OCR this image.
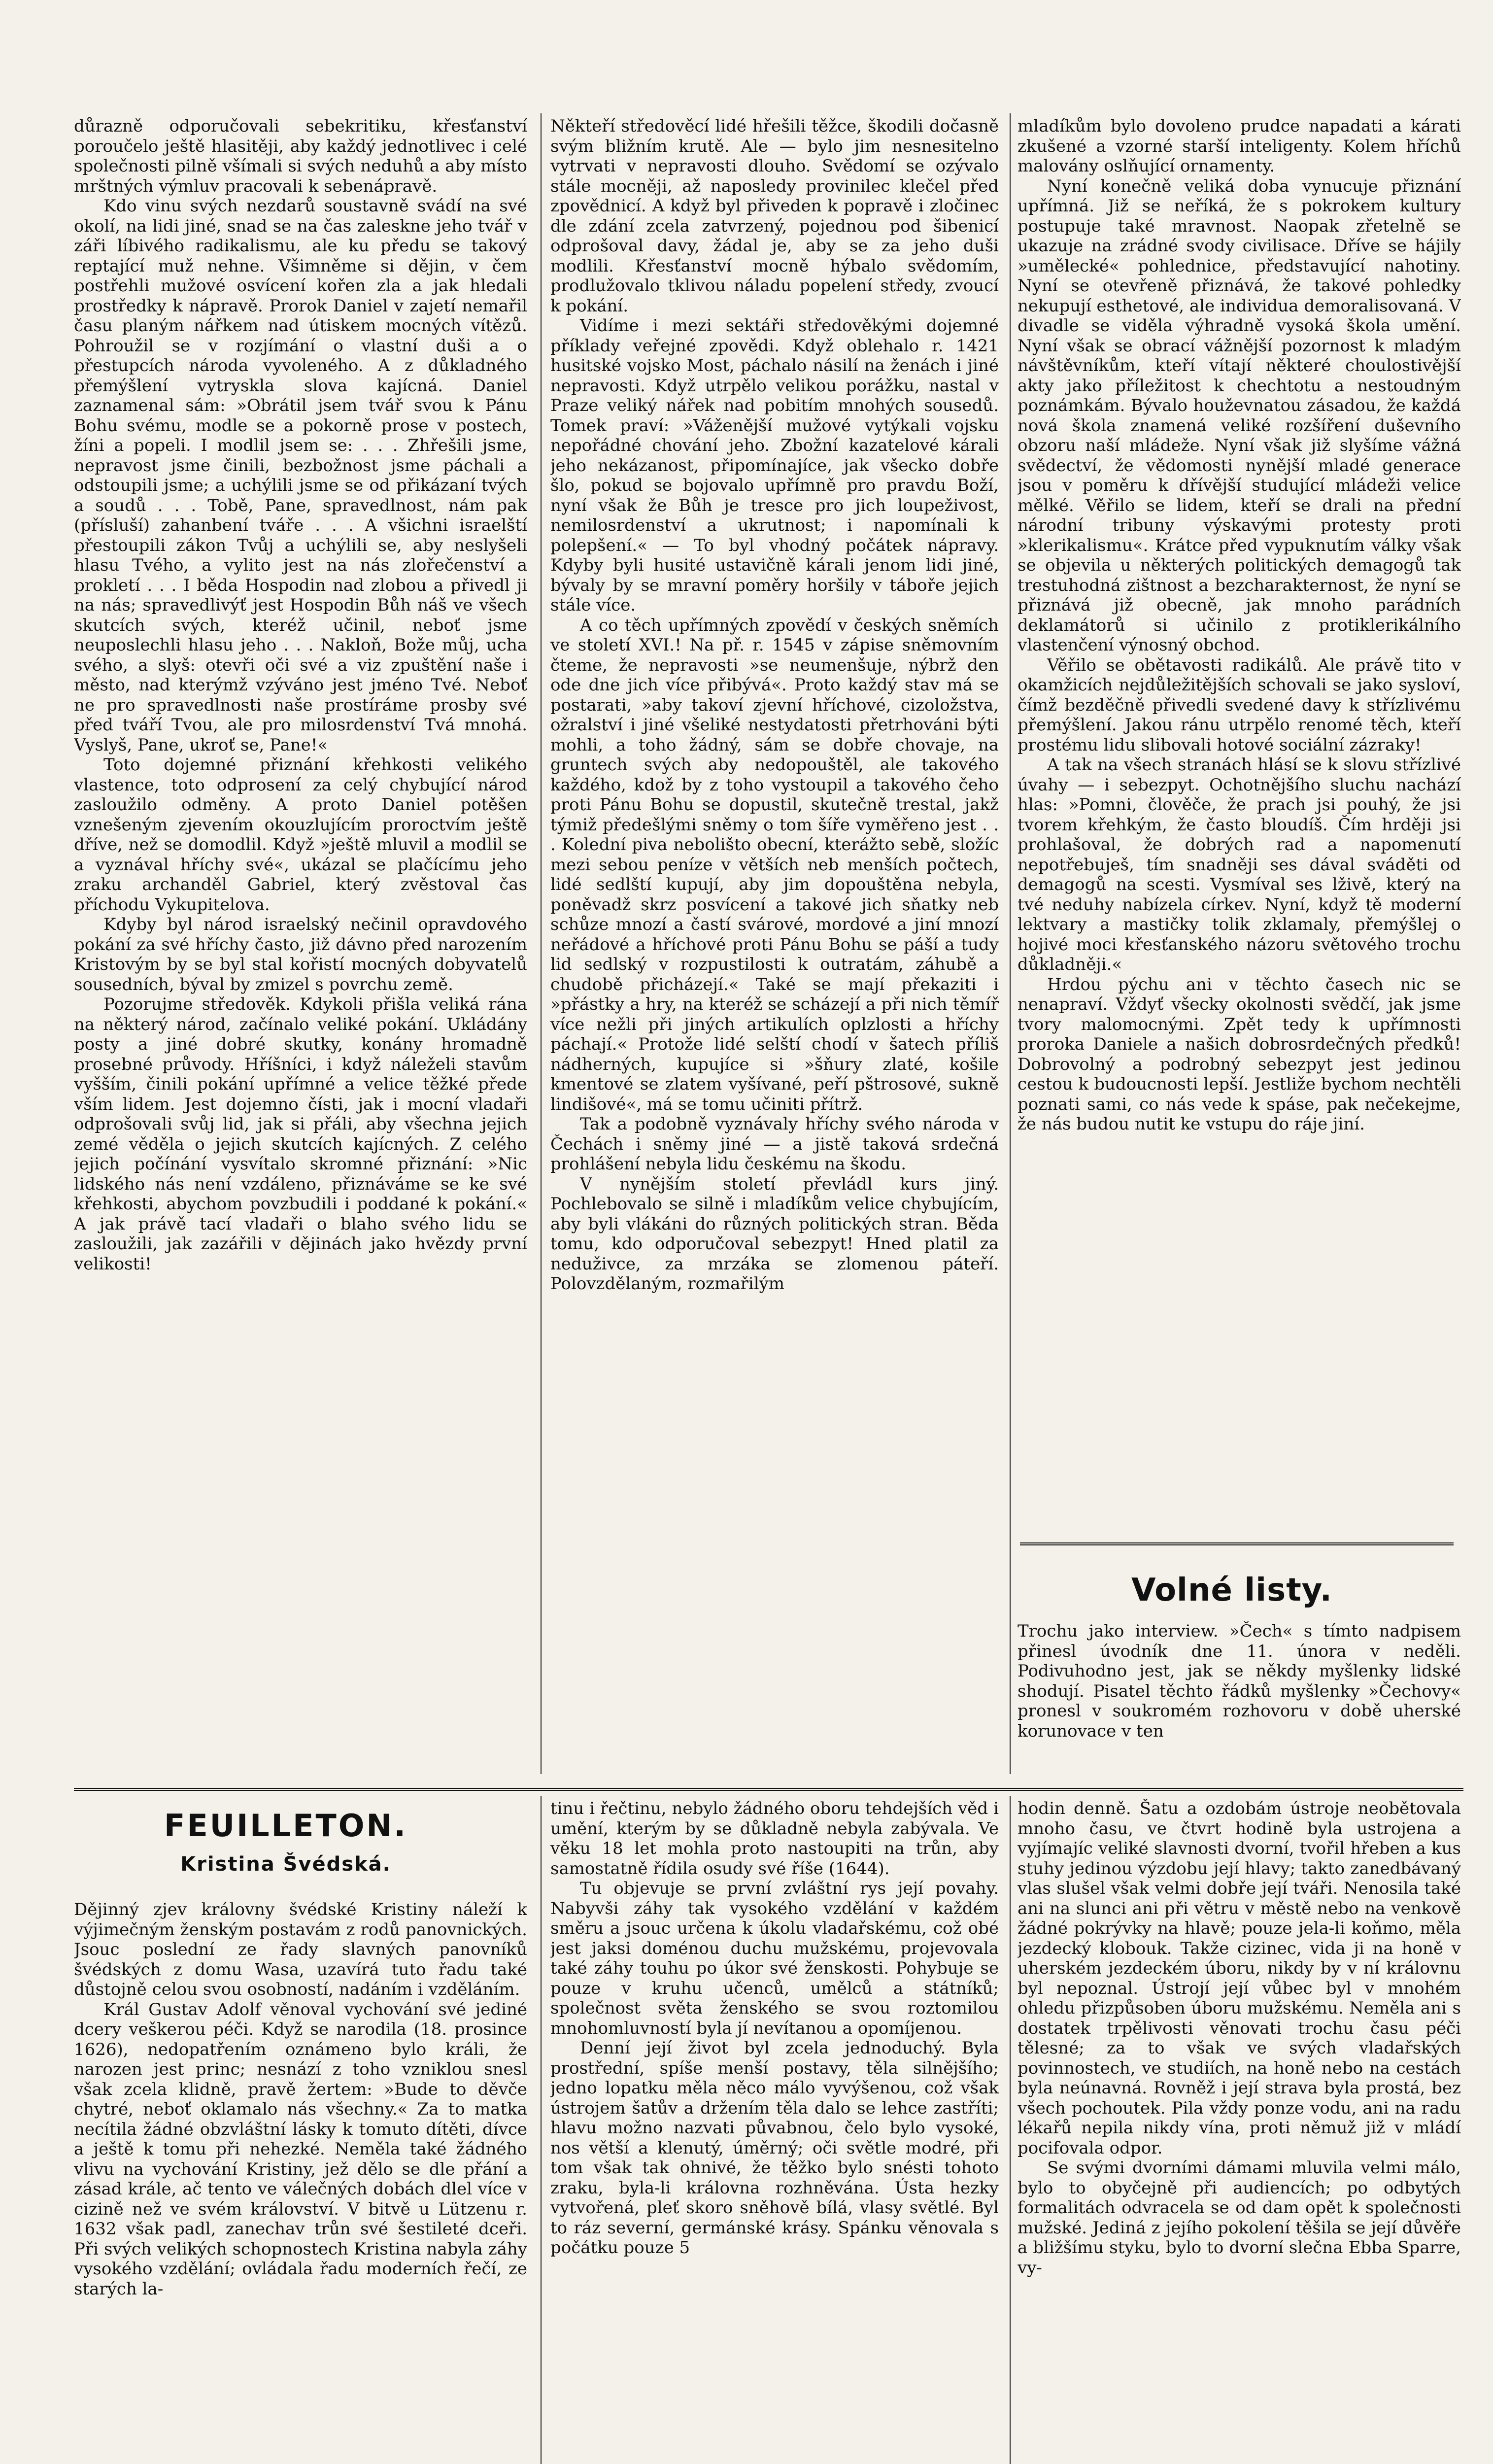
důrazně odporučovali sebekritiku, křesťanství poroučelo ještě hlasitěji, aby každý jednotlivec i celé společnosti pilně všímali si svých neduhů a aby místo mrštných výmluv pracovali k sebenápravě.

Kdo vinu svých nezdarů soustavně svádí na své okolí, na lidi jiné, snad se na čas zaleskne jeho tvář v záři líbivého radikalismu, ale ku předu se takový reptající muž nehne. Všimněme si dějin, v čem postřehli mužové osvícení kořen zla a jak hledali prostředky k nápravě. Prorok Daniel v zajetí nemařil času planým nářkem nad útiskem mocných vítězů. Pohroužil se v rozjímání o vlastní duši a o přestupcích národa vyvoleného. A z důkladného přemýšlení vytryskla slova kajícná. Daniel zaznamenal sám: »Obrátil jsem tvář svou k Pánu Bohu svému, modle se a pokorně prose v postech, žíni a popeli. I modlil jsem se: . . . Zhřešili jsme, nepravost jsme činili, bezbožnost jsme páchali a odstoupili jsme; a uchýlili jsme se od přikázaní tvých a soudů . . . Tobě, Pane, spravedlnost, nám pak (přísluší) zahanbení tváře . . . A všichni israelští přestoupili zákon Tvůj a uchýlili se, aby neslyšeli hlasu Tvého, a vylito jest na nás zlořečenství a prokletí . . . I běda Hospodin nad zlobou a přivedl ji na nás; spravedlivýť jest Hospodin Bůh náš ve všech skutcích svých, kteréž učinil, neboť jsme neuposlechli hlasu jeho . . . Nakloň, Bože můj, ucha svého, a slyš: otevři oči své a viz zpuštění naše i město, nad kterýmž vzýváno jest jméno Tvé. Neboť ne pro spravedlnosti naše prostíráme prosby své před tváří Tvou, ale pro milosrdenství Tvá mnohá. Vyslyš, Pane, ukroť se, Pane!«

Toto dojemné přiznání křehkosti velikého vlastence, toto odprosení za celý chybující národ zasloužilo odměny. A proto Daniel potěšen vznešeným zjevením okouzlujícím proroctvím ještě dříve, než se domodlil. Když »ještě mluvil a modlil se a vyznával hříchy své«, ukázal se plačícímu jeho zraku archanděl Gabriel, který zvěstoval čas příchodu Vykupitelova.

Kdyby byl národ israelský nečinil opravdového pokání za své hříchy často, již dávno před narozením Kristovým by se byl stal kořistí mocných dobyvatelů sousedních, býval by zmizel s povrchu země.

Pozorujme středověk. Kdykoli přišla veliká rána na některý národ, začínalo veliké pokání. Ukládány posty a jiné dobré skutky, konány hromadně prosebné průvody. Hříšníci, i když náleželi stavům vyšším, činili pokání upřímné a velice těžké přede vším lidem. Jest dojemno čísti, jak i mocní vladaři odprošovali svůj lid, jak si přáli, aby všechna jejich zemé věděla o jejich skutcích kajícných. Z celého jejich počínání vysvítalo skromné přiznání: »Nic lidského nás není vzdáleno, přiznáváme se ke své křehkosti, abychom povzbudili i poddané k pokání.« A jak právě tací vladaři o blaho svého lidu se zasloužili, jak zazářili v dějinách jako hvězdy první velikosti!

Někteří středověcí lidé hřešili těžce, škodili dočasně svým bližním krutě. Ale — bylo jim nesnesitelno vytrvati v nepravosti dlouho. Svědomí se ozývalo stále mocněji, až naposledy provinilec klečel před zpovědnicí. A když byl přiveden k popravě i zločinec dle zdání zcela zatvrzený, pojednou pod šibenicí odprošoval davy, žádal je, aby se za jeho duši modlili. Křesťanství mocně hýbalo svědomím, prodlužovalo tklivou náladu popelení středy, zvoucí k pokání.

Vidíme i mezi sektáři středověkými dojemné příklady veřejné zpovědi. Když oblehalo r. 1421 husitské vojsko Most, páchalo násilí na ženách i jiné nepravosti. Když utrpělo velikou porážku, nastal v Praze veliký nářek nad pobitím mnohých sousedů. Tomek praví: »Váženější mužové vytýkali vojsku nepořádné chování jeho. Zbožní kazatelové kárali jeho nekázanost, připomínajíce, jak všecko dobře šlo, pokud se bojovalo upřímně pro pravdu Boží, nyní však že Bůh je tresce pro jich loupeživost, nemilosrdenství a ukrutnost; i napomínali k polepšení.« — To byl vhodný počátek nápravy. Kdyby byli husité ustavičně kárali jenom lidi jiné, bývaly by se mravní poměry horšily v táboře jejich stále více.

A co těch upřímných zpovědí v českých sněmích ve století XVI.! Na př. r. 1545 v zápise sněmovním čteme, že nepravosti »se neumenšuje, nýbrž den ode dne jich více přibývá«. Proto každý stav má se postarati, »aby takoví zjevní hříchové, cizoložstva, ožralství i jiné všeliké nestydatosti přetrhováni býti mohli, a toho žádný, sám se dobře chovaje, na gruntech svých aby nedopouštěl, ale takového každého, kdož by z toho vystoupil a takového čeho proti Pánu Bohu se dopustil, skutečně trestal, jakž týmiž předešlými sněmy o tom šíře vyměřeno jest . . . Kolední piva nebolišto obecní, kterážto sebě, složíc mezi sebou peníze v větších neb menších počtech, lidé sedlští kupují, aby jim dopouštěna nebyla, poněvadž skrz posvícení a takové jich sňatky neb schůze mnozí a častí svárové, mordové a jiní mnozí neřádové a hříchové proti Pánu Bohu se páší a tudy lid sedlský v rozpustilosti k outratám, záhubě a chudobě přicházejí.« Také se mají překaziti i »přástky a hry, na kteréž se scházejí a při nich těmíř více nežli při jiných artikulích oplzlosti a hříchy páchají.« Protože lidé selští chodí v šatech příliš nádherných, kupujíce si »šňury zlaté, košile kmentové se zlatem vyšívané, peří pštrosové, sukně lindišové«, má se tomu učiniti přítrž.

Tak a podobně vyznávaly hříchy svého národa v Čechách i sněmy jiné — a jistě taková srdečná prohlášení nebyla lidu českému na škodu.

V nynějším století převládl kurs jiný. Pochlebovalo se silně i mladíkům velice chybujícím, aby byli vlákáni do různých politických stran. Běda tomu, kdo odporučoval sebezpyt! Hned platil za neduživce, za mrzáka se zlomenou páteří. Polovzdělaným, rozmařilým

mladíkům bylo dovoleno prudce napadati a kárati zkušené a vzorné starší inteligenty. Kolem hříchů malovány oslňující ornamenty.

Nyní konečně veliká doba vynucuje přiznání upřímná. Již se neříká, že s pokrokem kultury postupuje také mravnost. Naopak zřetelně se ukazuje na zrádné svody civilisace. Dříve se hájily »umělecké« pohlednice, představující nahotiny. Nyní se otevřeně přiznává, že takové pohledky nekupují esthetové, ale individua demoralisovaná. V divadle se viděla výhradně vysoká škola umění. Nyní však se obrací vážnější pozornost k mladým návštěvníkům, kteří vítají některé choulostivější akty jako příležitost k chechtotu a nestoudným poznámkám. Bývalo houževnatou zásadou, že každá nová škola znamená veliké rozšíření duševního obzoru naší mládeže. Nyní však již slyšíme vážná svědectví, že vědomosti nynější mladé generace jsou v poměru k dřívější studující mládeži velice mělké. Věřilo se lidem, kteří se drali na přední národní tribuny výskavými protesty proti »klerikalismu«. Krátce před vypuknutím války však se objevila u některých politických demagogů tak trestuhodná zištnost a bezcharakternost, že nyní se přiznává již obecně, jak mnoho parádních deklamátorů si učinilo z protiklerikálního vlastenčení výnosný obchod.

Věřilo se obětavosti radikálů. Ale právě tito v okamžicích nejdůležitějších schovali se jako sysloví, čímž bezděčně přivedli svedené davy k střízlivému přemýšlení. Jakou ránu utrpělo renomé těch, kteří prostému lidu slibovali hotové sociální zázraky!

A tak na všech stranách hlásí se k slovu střízlivé úvahy — i sebezpyt. Ochotnějšího sluchu nachází hlas: »Pomni, člověče, že prach jsi pouhý, že jsi tvorem křehkým, že často bloudíš. Čím hrději jsi prohlašoval, že dobrých rad a napomenutí nepotřebuješ, tím snadněji ses dával sváděti od demagogů na scesti. Vysmíval ses lživě, který na tvé neduhy nabízela církev. Nyní, když tě moderní lektvary a mastičky tolik zklamaly, přemýšlej o hojivé moci křesťanského názoru světového trochu důkladněji.«

Hrdou pýchu ani v těchto časech nic se nenapraví. Vždyť všecky okolnosti svědčí, jak jsme tvory malomocnými. Zpět tedy k upřímnosti proroka Daniele a našich dobrosrdečných předků! Dobrovolný a podrobný sebezpyt jest jedinou cestou k budoucnosti lepší. Jestliže bychom nechtěli poznati sami, co nás vede k spáse, pak nečekejme, že nás budou nutit ke vstupu do ráje jiní.

Volné listy.

Trochu jako interview. »Čech« s tímto nadpisem přinesl úvodník dne 11. února v neděli. Podivuhodno jest, jak se někdy myšlenky lidské shodují. Pisatel těchto řádků myšlenky »Čechovy« pronesl v soukromém rozhovoru v době uherské korunovace v ten

FEUILLETON.
Kristina Švédská.

Dějinný zjev královny švédské Kristiny náleží k výjimečným ženským postavám z rodů panovnických. Jsouc poslední ze řady slavných panovníků švédských z domu Wasa, uzavírá tuto řadu také důstojně celou svou osobností, nadáním i vzděláním.

Král Gustav Adolf věnoval vychování své jediné dcery veškerou péči. Když se narodila (18. prosince 1626), nedopatřením oznámeno bylo králi, že narozen jest princ; nesnází z toho vzniklou snesl však zcela klidně, pravě žertem: »Bude to děvče chytré, neboť oklamalo nás všechny.« Za to matka necítila žádné obzvláštní lásky k tomuto dítěti, dívce a ještě k tomu při nehezké. Neměla také žádného vlivu na vychování Kristiny, jež dělo se dle přání a zásad krále, ač tento ve válečných dobách dlel více v cizině než ve svém království. V bitvě u Lützenu r. 1632 však padl, zanechav trůn své šestileté dceři. Při svých velikých schopnostech Kristina nabyla záhy vysokého vzdělání; ovládala řadu moderních řečí, ze starých la-

tinu i řečtinu, nebylo žádného oboru tehdejších věd i umění, kterým by se důkladně nebyla zabývala. Ve věku 18 let mohla proto nastoupiti na trůn, aby samostatně řídila osudy své říše (1644).

Tu objevuje se první zvláštní rys její povahy. Nabyvši záhy tak vysokého vzdělání v každém směru a jsouc určena k úkolu vladařskému, což obé jest jaksi doménou duchu mužskému, projevovala také záhy touhu po úkor své ženskosti. Pohybuje se pouze v kruhu učenců, umělců a státníků; společnost světa ženského se svou roztomilou mnohomluvností byla jí nevítanou a opomíjenou.

Denní její život byl zcela jednoduchý. Byla prostřední, spíše menší postavy, těla silnějšího; jedno lopatku měla něco málo vyvýšenou, což však ústrojem šatův a držením těla dalo se lehce zastříti; hlavu možno nazvati půvabnou, čelo bylo vysoké, nos větší a klenutý, úměrný; oči světle modré, při tom však tak ohnivé, že těžko bylo snésti tohoto zraku, byla-li královna rozhněvána. Ústa hezky vytvořená, pleť skoro sněhově bílá, vlasy světlé. Byl to ráz severní, germánské krásy. Spánku věnovala s počátku pouze 5

hodin denně. Šatu a ozdobám ústroje neobětovala mnoho času, ve čtvrt hodině byla ustrojena a vyjímajíc veliké slavnosti dvorní, tvořil hřeben a kus stuhy jedinou výzdobu její hlavy; takto zanedbávaný vlas slušel však velmi dobře její tváři. Nenosila také ani na slunci ani při větru v městě nebo na venkově žádné pokrývky na hlavě; pouze jela-li koňmo, měla jezdecký klobouk. Takže cizinec, vida ji na honě v uherském jezdeckém úboru, nikdy by v ní královnu byl nepoznal. Ústrojí její vůbec byl v mnohém ohledu přizpůsoben úboru mužskému. Neměla ani s dostatek trpělivosti věnovati trochu času péči tělesné; za to však ve svých vladařských povinnostech, ve studiích, na honě nebo na cestách byla neúnavná. Rovněž i její strava byla prostá, bez všech pochoutek. Pila vždy ponze vodu, ani na radu lékařů nepila nikdy vína, proti němuž již v mládí pocifovala odpor.

Se svými dvorními dámami mluvila velmi málo, bylo to obyčejně při audiencích; po odbytých formalitách odvracela se od dam opět k společnosti mužské. Jediná z jejího pokolení těšila se její důvěře a bližšímu styku, bylo to dvorní slečna Ebba Sparre, vy-
